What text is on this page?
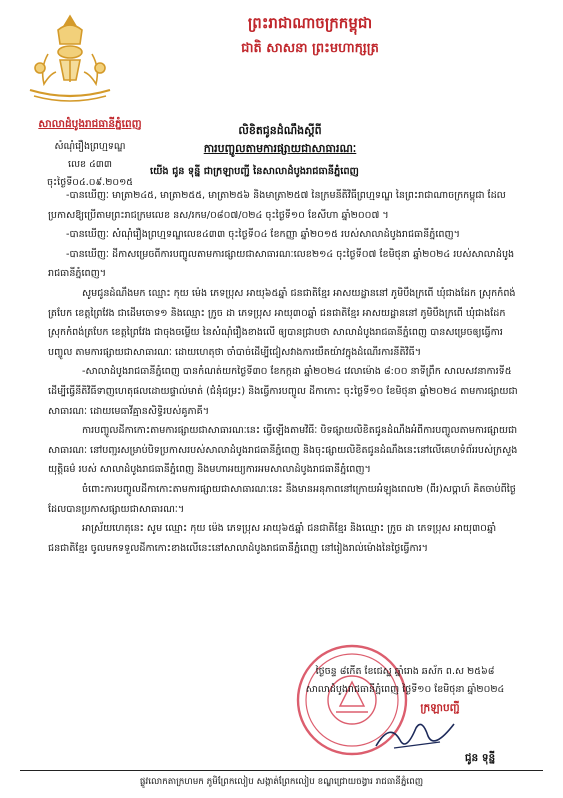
ព្រះរាជាណាចក្រកម្ពុជា
ជាតិ សាសនា ព្រះមហាក្សត្រ
សាលាដំបូងរាជធានីភ្នំពេញ
សំណុំរឿងព្រហ្មទណ្ឌ
លេខ ៤៣៣
ចុះថ្ងៃទី០៤.០៩.២០១៥
លិខិតជូនដំណឹងស្ដីពី
ការបញ្ចូលតាមការផ្សាយជាសាធារណៈ
យើង ជូន ទុន្នី ជាក្រឡាបញ្ជី នៃសាលាដំបូងរាជធានីភ្នំពេញ

-បានឃើញៈ មាត្រា២៤៥, មាត្រា២៥៥, មាត្រា២៥៦ និងមាត្រា២៥៧ នៃក្រមនីតិវិធីព្រហ្មទណ្ឌ នៃព្រះរាជាណាចក្រកម្ពុជា ដែលប្រកាសឱ្យប្រើតាមព្រះរាជក្រមលេខ នស/រកម/០៨០៧/០២៤ ចុះថ្ងៃទី១០ ខែសីហា ឆ្នាំ២០០៧ ។

-បានឃើញៈ សំណុំរឿងព្រហ្មទណ្ឌលេខ៤៣៣ ចុះថ្ងៃទី០៤ ខែកញ្ញា ឆ្នាំ២០១៥ របស់សាលាដំបូងរាជធានីភ្នំពេញ។

-បានឃើញៈ ដីកាសម្រេចពីការបញ្ចូលតាមការផ្សាយជាសាធារណៈលេខ២១៤ ចុះថ្ងៃទី០៧ ខែមិថុនា ឆ្នាំ២០២៤ របស់សាលាដំបូងរាជធានីភ្នំពេញ។

សូមជូនដំណឹងមក ឈ្មោះ កុយ ម៉េង ភេទប្រុស អាយុ៦៥ឆ្នាំ ជនជាតិខ្មែរ អាសយដ្ឋាននៅ ភូមិបឹងក្រពើ ឃុំជាងដែក ស្រុកកំពង់ត្របែក ខេត្តព្រៃវែង ជាដើមចោទ១ និងឈ្មោះ ក្រូច ដា ភេទប្រុស អាយុ៣០ឆ្នាំ ជនជាតិខ្មែរ អាសយដ្ឋាននៅ ភូមិបឹងក្រពើ ឃុំជាងដែក ស្រុកកំពង់ត្របែក ខេត្តព្រៃវែង ជាចុងចម្លើយ នៃសំណុំរឿងខាងលើ ឲ្យបានជ្រាបថា សាលាដំបូងរាជធានីភ្នំពេញ បានសម្រេចឲ្យធ្វើការបញ្ចូល តាមការផ្សាយជាសាធារណៈ ដោយហេតុថា ចាំបាច់ដើម្បីជៀសវាងការយឺតយ៉ាវក្នុងដំណើរការនីតិវិធី។

-សាលាដំបូងរាជធានីភ្នំពេញ បានកំណត់យកថ្ងៃទី៣០ ខែកក្កដា ឆ្នាំ២០២៤ វេលាម៉ោង ៨:០០ នាទីព្រឹក សាលសវនាការទី៥ ដើម្បីធ្វើនីតិវិធីទាញហេតុផលដោយផ្ទាល់មាត់ (ជំនុំជម្រះ) និងធ្វើការបញ្ចូល ដីកាកោះ ចុះថ្ងៃទី១០ ខែមិថុនា ឆ្នាំ២០២៤ តាមការផ្សាយជាសាធារណៈ ដោយមេធាវីគ្មានសិទ្ធិរបស់គូភាគី។

ការបញ្ចូលដីកាកោះតាមការផ្សាយជាសាធារណៈនេះ ធ្វើឡើងតាមវិធីៈ បិទផ្សាយលិខិតជូនដំណឹងអំពីការបញ្ចូលតាមការផ្សាយជាសាធារណៈ នៅបញ្ជរសម្រាប់បិទប្រកាសរបស់សាលាដំបូងរាជធានីភ្នំពេញ និងចុះផ្សាយលិខិតជូនដំណឹងនេះនៅលើគេហទំព័ររបស់ក្រសួងយុត្តិធម៌ របស់ សាលាដំបូងរាជធានីភ្នំពេញ និងមហាអយ្យការអមសាលាដំបូងរាជធានីភ្នំពេញ។

ចំពោះការបញ្ចូលដីកាកោះតាមការផ្សាយជាសាធារណៈនេះ នឹងមានអនុភាពនៅក្រោយអំឡុងពេល២ (ពីរ)សប្តាហ៍ គិតចាប់ពីថ្ងៃដែលបានប្រកាសផ្សាយជាសាធារណៈ។

អាស្រ័យហេតុនេះ សូម ឈ្មោះ កុយ ម៉េង ភេទប្រុស អាយុ៦៥ឆ្នាំ ជនជាតិខ្មែរ និងឈ្មោះ ក្រូច ដា ភេទប្រុស អាយុ៣០ឆ្នាំ ជនជាតិខ្មែរ ចូលមកទទួលដីកាកោះខាងលើនេះនៅសាលាដំបូងរាជធានីភ្នំពេញ នៅរៀងរាល់ម៉ោងនៃថ្ងៃធ្វើការ។

ថ្ងៃចន្ទ ៨កើត ខែជេស្ឋ ឆ្នាំរោង ឆស័ក ព.ស ២៥៦៨
សាលាដំបូងរាជធានីភ្នំពេញ ថ្ងៃទី១០ ខែមិថុនា ឆ្នាំ២០២៤
ក្រឡាបញ្ជី
ជូន ទុន្នី
ផ្លូវលោកតាក្រហមក ភូមិព្រែកលៀប សង្កាត់ព្រែកលៀប ខណ្ឌជ្រោយចង្វារ រាជធានីភ្នំពេញ
